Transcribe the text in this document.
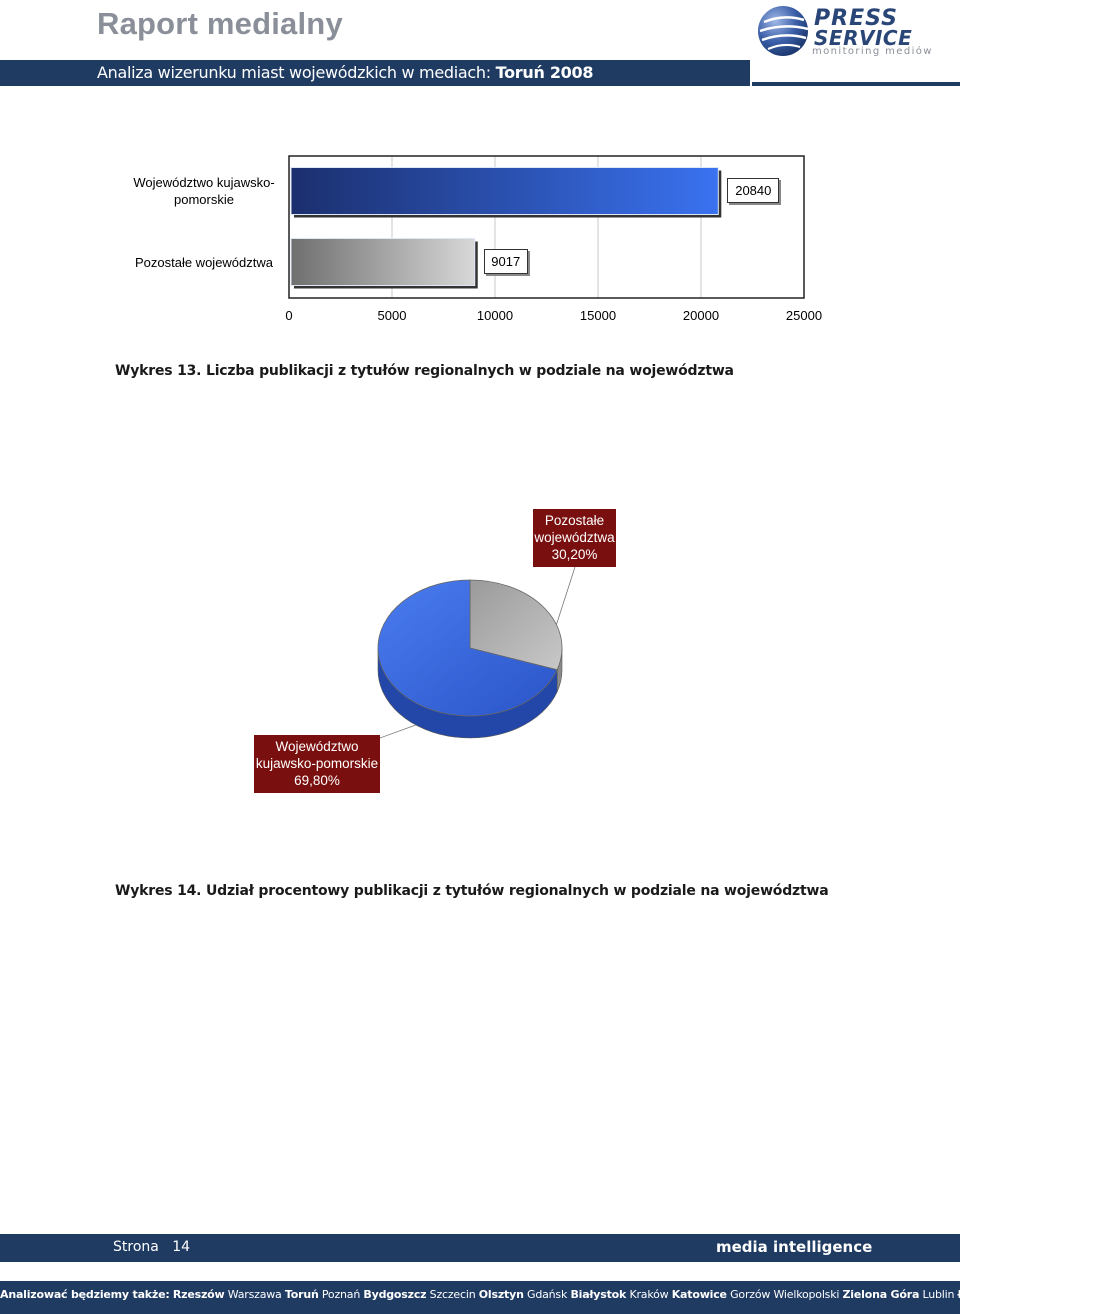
Raport medialny
Analiza wizerunku miast wojewódzkich w mediach: Toruń 2008
PRESS
SERVICE
monitoring mediów
Województwo kujawsko-
pomorskie
Pozostałe województwa
20840
9017
0	5000	10000	15000	20000	25000
Wykres 13. Liczba publikacji z tytułów regionalnych w podziale na województwa
Pozostałe
województwa
30,20%
Województwo
kujawsko-pomorskie
69,80%
Wykres 14. Udział procentowy publikacji z tytułów regionalnych w podziale na województwa
Strona 14	media intelligence
Analizować będziemy także: Rzeszów Warszawa Toruń Poznań Bydgoszcz Szczecin Olsztyn Gdańsk Białystok Kraków Katowice Gorzów Wielkopolski Zielona Góra Lublin Łódź Wrocław Opole Kielce
